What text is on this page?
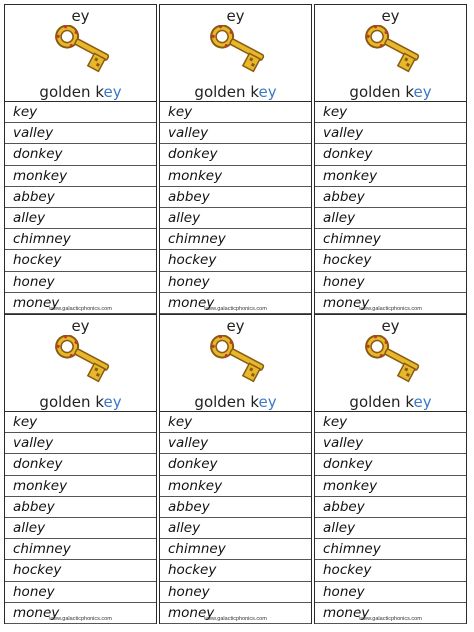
ey
golden key
key
valley
donkey
monkey
abbey
alley
chimney
hockey
honey
money
www.galacticphonics.com
ey
golden key
key
valley
donkey
monkey
abbey
alley
chimney
hockey
honey
money
www.galacticphonics.com
ey
golden key
key
valley
donkey
monkey
abbey
alley
chimney
hockey
honey
money
www.galacticphonics.com
ey
golden key
key
valley
donkey
monkey
abbey
alley
chimney
hockey
honey
money
www.galacticphonics.com
ey
golden key
key
valley
donkey
monkey
abbey
alley
chimney
hockey
honey
money
www.galacticphonics.com
ey
golden key
key
valley
donkey
monkey
abbey
alley
chimney
hockey
honey
money
www.galacticphonics.com
